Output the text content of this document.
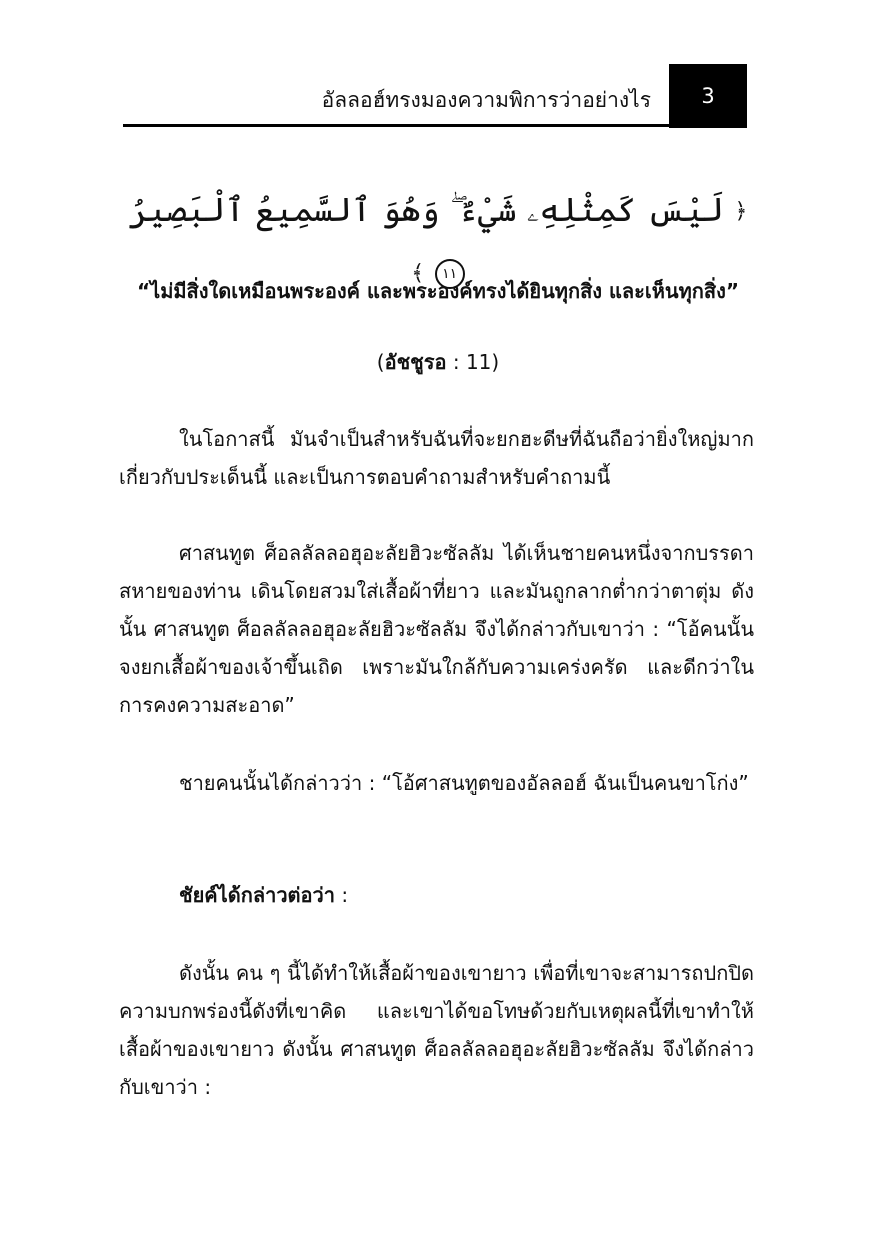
อัลลอฮ์ทรงมองความพิการว่าอย่างไร	3
﴿ لَيْسَ كَمِثْلِهِۦ شَيْءٌ ۖ وَهُوَ ٱلسَّمِيعُ ٱلْبَصِيرُ ١١ ﴾
“ไม่มีสิ่งใดเหมือนพระองค์ และพระองค์ทรงได้ยินทุกสิ่ง และเห็นทุกสิ่ง”
(อัชชูรอ : 11)

ในโอกาสนี้ มันจำเป็นสำหรับฉันที่จะยกฮะดีษที่ฉันถือว่ายิ่งใหญ่มากเกี่ยวกับประเด็นนี้ และเป็นการตอบคำถามสำหรับคำถามนี้

ศาสนทูต ศ็อลลัลลอฮุอะลัยฮิวะซัลลัม ได้เห็นชายคนหนึ่งจากบรรดาสหายของท่าน เดินโดยสวมใส่เสื้อผ้าที่ยาว และมันถูกลากต่ำกว่าตาตุ่ม ดังนั้น ศาสนทูต ศ็อลลัลลอฮุอะลัยฮิวะซัลลัม จึงได้กล่าวกับเขาว่า : “โอ้คนนั้น จงยกเสื้อผ้าของเจ้าขึ้นเถิด เพราะมันใกล้กับความเคร่งครัด และดีกว่าในการคงความสะอาด”

ชายคนนั้นได้กล่าวว่า : “โอ้ศาสนทูตของอัลลอฮ์ ฉันเป็นคนขาโก่ง”

ชัยค์ได้กล่าวต่อว่า :

ดังนั้น คน ๆ นี้ได้ทำให้เสื้อผ้าของเขายาว เพื่อที่เขาจะสามารถปกปิดความบกพร่องนี้ดังที่เขาคิด และเขาได้ขอโทษด้วยกับเหตุผลนี้ที่เขาทำให้เสื้อผ้าของเขายาว ดังนั้น ศาสนทูต ศ็อลลัลลอฮุอะลัยฮิวะซัลลัม จึงได้กล่าวกับเขาว่า :
